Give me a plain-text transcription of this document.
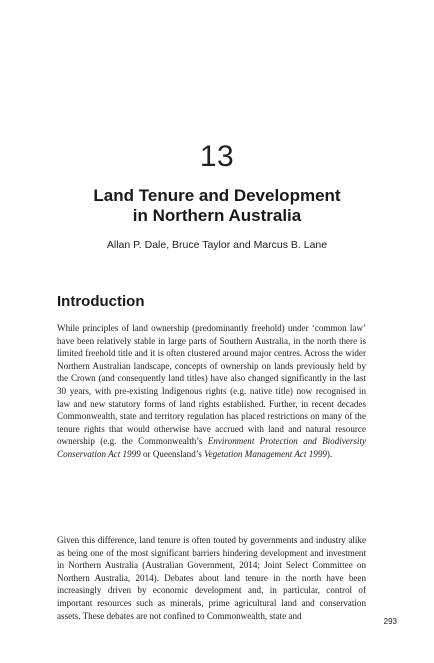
13
Land Tenure and Development
in Northern Australia
Allan P. Dale, Bruce Taylor and Marcus B. Lane
Introduction

While principles of land ownership (predominantly freehold) under ‘common law’ have been relatively stable in large parts of Southern Australia, in the north there is limited freehold title and it is often clustered around major centres. Across the wider Northern Australian landscape, concepts of ownership on lands previously held by the Crown (and consequently land titles) have also changed significantly in the last 30 years, with pre-existing Indigenous rights (e.g. native title) now recognised in law and new statutory forms of land rights established. Further, in recent decades Commonwealth, state and territory regulation has placed restrictions on many of the tenure rights that would otherwise have accrued with land and natural resource ownership (e.g. the Commonwealth’s Environment Protection and Biodiversity Conservation Act 1999 or Queensland’s Vegetation Management Act 1999).

Given this difference, land tenure is often touted by governments and industry alike as being one of the most significant barriers hindering development and investment in Northern Australia (Australian Government, 2014; Joint Select Committee on Northern Australia, 2014). Debates about land tenure in the north have been increasingly driven by economic development and, in particular, control of important resources such as minerals, prime agricultural land and conservation assets. These debates are not confined to Commonwealth, state and

293
